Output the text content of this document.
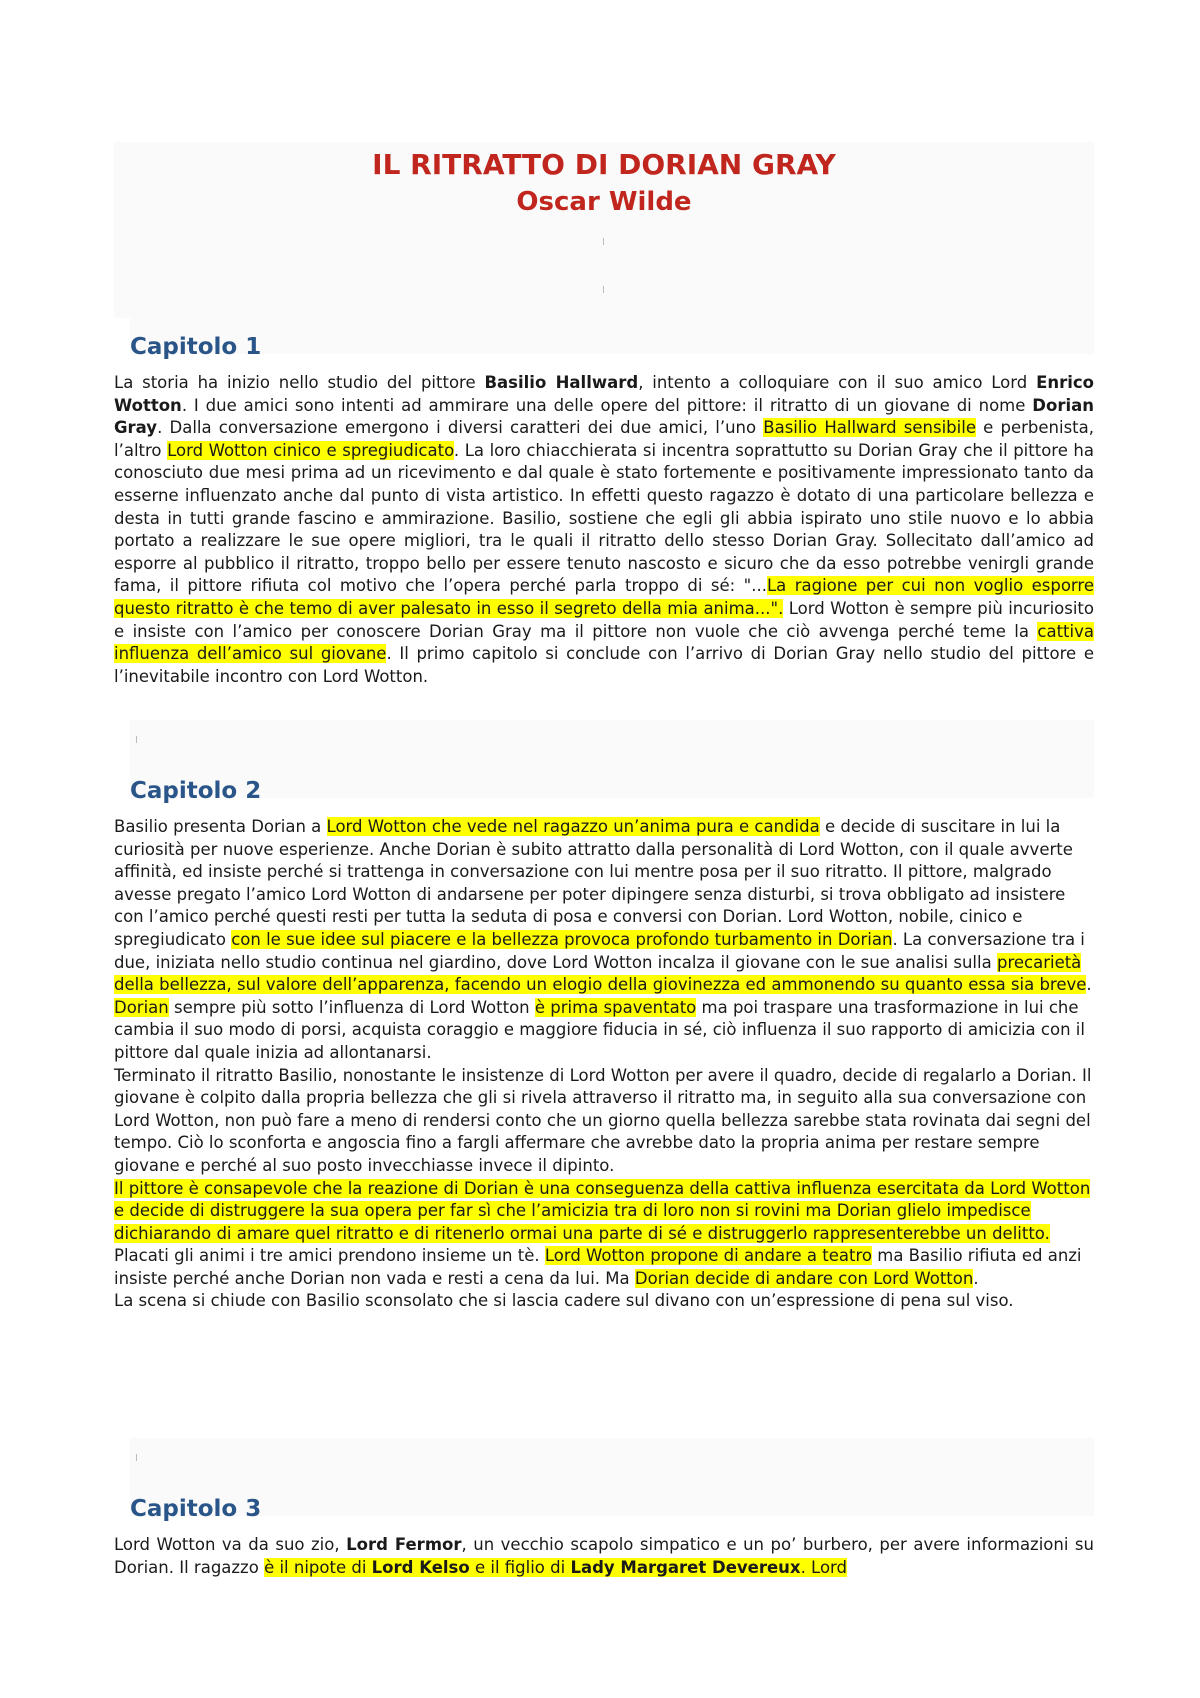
IL RITRATTO DI DORIAN GRAY

Oscar Wilde

Capitolo 1

La storia ha inizio nello studio del pittore Basilio Hallward, intento a colloquiare con il suo amico Lord Enrico Wotton. I due amici sono intenti ad ammirare una delle opere del pittore: il ritratto di un giovane di nome Dorian Gray. Dalla conversazione emergono i diversi caratteri dei due amici, l’uno Basilio Hallward sensibile e perbenista, l’altro Lord Wotton cinico e spregiudicato. La loro chiacchierata si incentra soprattutto su Dorian Gray che il pittore ha conosciuto due mesi prima ad un ricevimento e dal quale è stato fortemente e positivamente impressionato tanto da esserne influenzato anche dal punto di vista artistico. In effetti questo ragazzo è dotato di una particolare bellezza e desta in tutti grande fascino e ammirazione. Basilio, sostiene che egli gli abbia ispirato uno stile nuovo e lo abbia portato a realizzare le sue opere migliori, tra le quali il ritratto dello stesso Dorian Gray. Sollecitato dall’amico ad esporre al pubblico il ritratto, troppo bello per essere tenuto nascosto e sicuro che da esso potrebbe venirgli grande fama, il pittore rifiuta col motivo che l’opera perché parla troppo di sé: "...La ragione per cui non voglio esporre questo ritratto è che temo di aver palesato in esso il segreto della mia anima...". Lord Wotton è sempre più incuriosito e insiste con l’amico per conoscere Dorian Gray ma il pittore non vuole che ciò avvenga perché teme la cattiva influenza dell’amico sul giovane. Il primo capitolo si conclude con l’arrivo di Dorian Gray nello studio del pittore e l’inevitabile incontro con Lord Wotton.

Capitolo 2

Basilio presenta Dorian a Lord Wotton che vede nel ragazzo un’anima pura e candida e decide di suscitare in lui la curiosità per nuove esperienze. Anche Dorian è subito attratto dalla personalità di Lord Wotton, con il quale avverte affinità, ed insiste perché si trattenga in conversazione con lui mentre posa per il suo ritratto. Il pittore, malgrado avesse pregato l’amico Lord Wotton di andarsene per poter dipingere senza disturbi, si trova obbligato ad insistere con l’amico perché questi resti per tutta la seduta di posa e conversi con Dorian. Lord Wotton, nobile, cinico e spregiudicato con le sue idee sul piacere e la bellezza provoca profondo turbamento in Dorian. La conversazione tra i due, iniziata nello studio continua nel giardino, dove Lord Wotton incalza il giovane con le sue analisi sulla precarietà della bellezza, sul valore dell’apparenza, facendo un elogio della giovinezza ed ammonendo su quanto essa sia breve. Dorian sempre più sotto l’influenza di Lord Wotton è prima spaventato ma poi traspare una trasformazione in lui che cambia il suo modo di porsi, acquista coraggio e maggiore fiducia in sé, ciò influenza il suo rapporto di amicizia con il pittore dal quale inizia ad allontanarsi.
Terminato il ritratto Basilio, nonostante le insistenze di Lord Wotton per avere il quadro, decide di regalarlo a Dorian. Il giovane è colpito dalla propria bellezza che gli si rivela attraverso il ritratto ma, in seguito alla sua conversazione con Lord Wotton, non può fare a meno di rendersi conto che un giorno quella bellezza sarebbe stata rovinata dai segni del tempo. Ciò lo sconforta e angoscia fino a fargli affermare che avrebbe dato la propria anima per restare sempre giovane e perché al suo posto invecchiasse invece il dipinto.
Il pittore è consapevole che la reazione di Dorian è una conseguenza della cattiva influenza esercitata da Lord Wotton e decide di distruggere la sua opera per far sì che l’amicizia tra di loro non si rovini ma Dorian glielo impedisce dichiarando di amare quel ritratto e di ritenerlo ormai una parte di sé e distruggerlo rappresenterebbe un delitto.
Placati gli animi i tre amici prendono insieme un tè. Lord Wotton propone di andare a teatro ma Basilio rifiuta ed anzi insiste perché anche Dorian non vada e resti a cena da lui. Ma Dorian decide di andare con Lord Wotton.
La scena si chiude con Basilio sconsolato che si lascia cadere sul divano con un’espressione di pena sul viso.

Capitolo 3

Lord Wotton va da suo zio, Lord Fermor, un vecchio scapolo simpatico e un po’ burbero, per avere informazioni su Dorian. Il ragazzo è il nipote di Lord Kelso e il figlio di Lady Margaret Devereux. Lord
